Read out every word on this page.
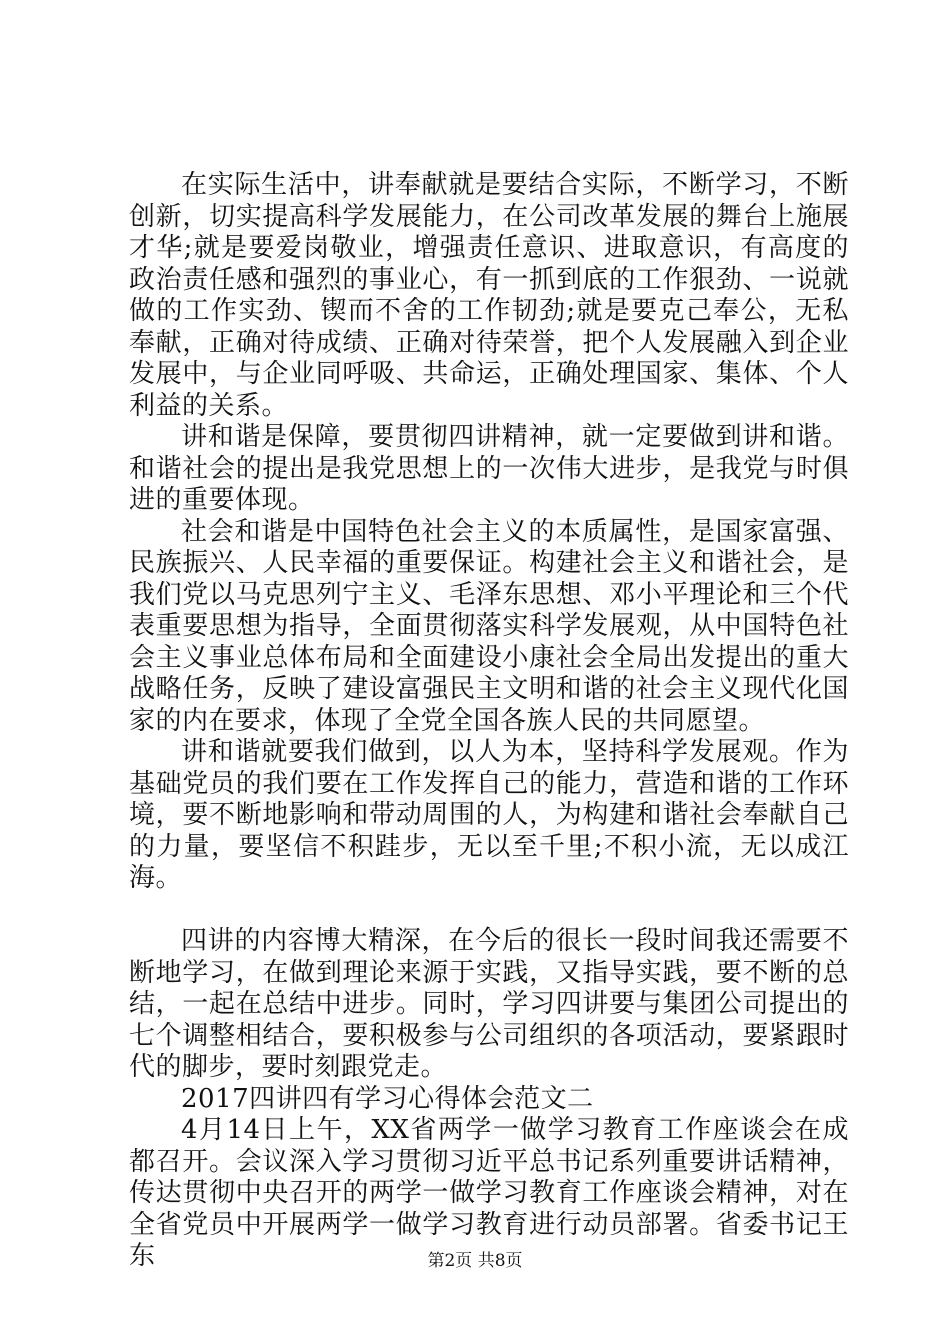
在实际生活中，讲奉献就是要结合实际，不断学习，不断创新，切实提高科学发展能力，在公司改革发展的舞台上施展才华;就是要爱岗敬业，增强责任意识、进取意识，有高度的政治责任感和强烈的事业心，有一抓到底的工作狠劲、一说就做的工作实劲、锲而不舍的工作韧劲;就是要克己奉公，无私奉献，正确对待成绩、正确对待荣誉，把个人发展融入到企业发展中，与企业同呼吸、共命运，正确处理国家、集体、个人利益的关系。

讲和谐是保障，要贯彻四讲精神，就一定要做到讲和谐。和谐社会的提出是我党思想上的一次伟大进步，是我党与时俱进的重要体现。

社会和谐是中国特色社会主义的本质属性，是国家富强、民族振兴、人民幸福的重要保证。构建社会主义和谐社会，是我们党以马克思列宁主义、毛泽东思想、邓小平理论和三个代表重要思想为指导，全面贯彻落实科学发展观，从中国特色社会主义事业总体布局和全面建设小康社会全局出发提出的重大战略任务，反映了建设富强民主文明和谐的社会主义现代化国家的内在要求，体现了全党全国各族人民的共同愿望。

讲和谐就要我们做到，以人为本，坚持科学发展观。作为基础党员的我们要在工作发挥自己的能力，营造和谐的工作环境，要不断地影响和带动周围的人，为构建和谐社会奉献自己的力量，要坚信不积跬步，无以至千里;不积小流，无以成江海。

四讲的内容博大精深，在今后的很长一段时间我还需要不断地学习，在做到理论来源于实践，又指导实践，要不断的总结，一起在总结中进步。同时，学习四讲要与集团公司提出的七个调整相结合，要积极参与公司组织的各项活动，要紧跟时代的脚步，要时刻跟党走。

2017四讲四有学习心得体会范文二

4月14日上午，XX省两学一做学习教育工作座谈会在成都召开。会议深入学习贯彻习近平总书记系列重要讲话精神，传达贯彻中央召开的两学一做学习教育工作座谈会精神，对在全省党员中开展两学一做学习教育进行动员部署。省委书记王东	第2页 共8页
